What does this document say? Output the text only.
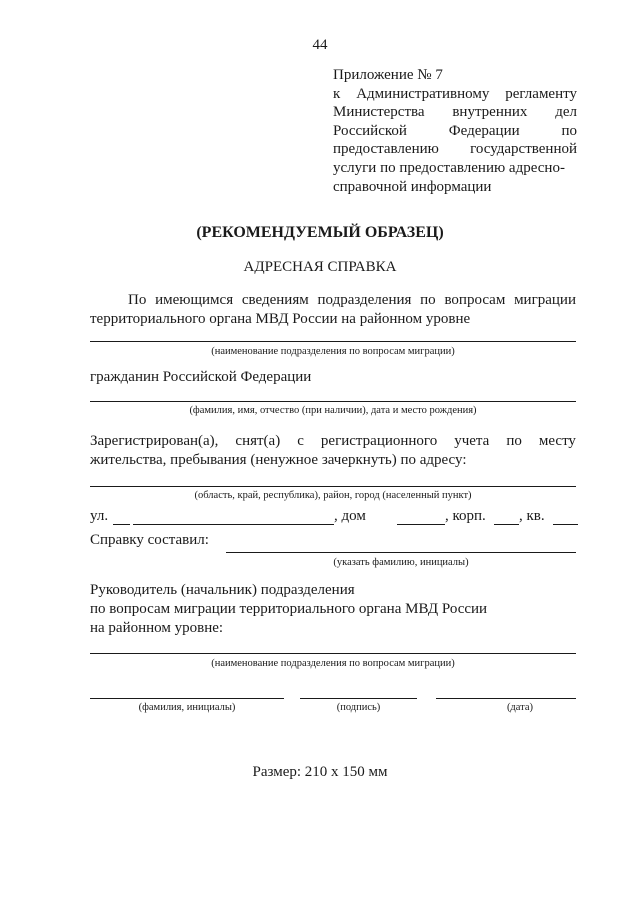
44
Приложение № 7
к Административному регламенту
Министерства внутренних дел
Российской	Федерации	по
предоставлению государственной
услуги по предоставлению адресно-
справочной информации
(РЕКОМЕНДУЕМЫЙ ОБРАЗЕЦ)
АДРЕСНАЯ СПРАВКА
По имеющимся сведениям подразделения по вопросам миграции
территориального органа МВД России на районном уровне
(наименование подразделения по вопросам миграции)
гражданин Российской Федерации
(фамилия, имя, отчество (при наличии), дата и место рождения)
Зарегистрирован(а), снят(а) с регистрационного учета по месту
жительства, пребывания (ненужное зачеркнуть) по адресу:
(область, край, республика), район, город (населенный пункт)
ул.	, дом	, корп. , кв.
Справку составил:
(указать фамилию, инициалы)
Руководитель (начальник) подразделения
по вопросам миграции территориального органа МВД России
на районном уровне:
(наименование подразделения по вопросам миграции)
(фамилия, инициалы)	(подпись)	(дата)
Размер: 210 х 150 мм
